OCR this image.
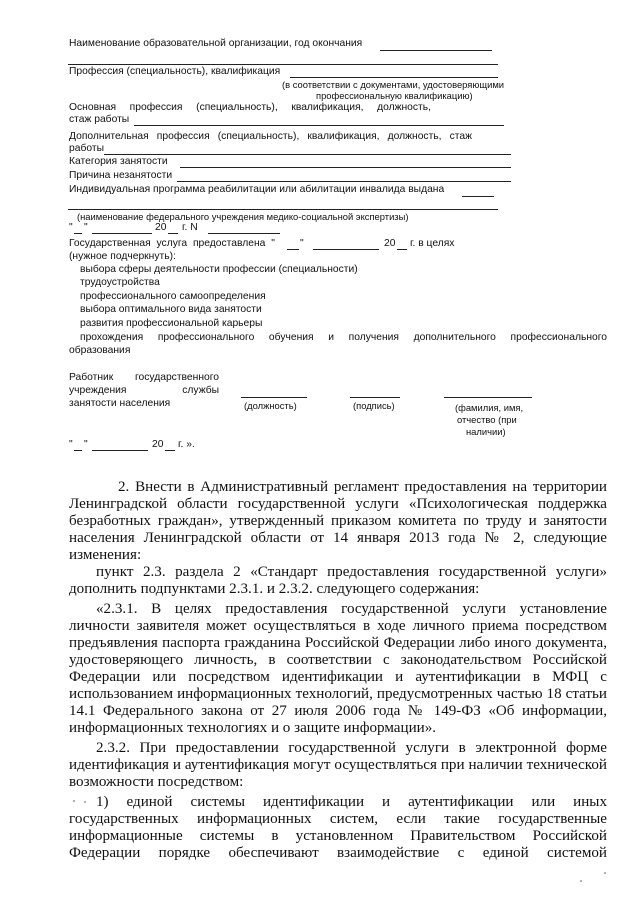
Наименование образовательной организации, год окончания
Профессия (специальность), квалификация
(в соответствии с документами, удостоверяющими
профессиональную квалификацию)
Основная профессия (специальность), квалификация, должность,
стаж работы
Дополнительная профессия (специальность), квалификация, должность, стаж
работы
Категория занятости
Причина незанятости
Индивидуальная программа реабилитации или абилитации инвалида выдана
(наименование федерального учреждения медико-социальной экспертизы)
" "	20 г. N
Государственная услуга предоставлена " "	20 г. в целях
(нужное подчеркнуть):
выбора сферы деятельности профессии (специальности)
трудоустройства
профессионального самоопределения
выбора оптимального вида занятости
развития профессиональной карьеры
прохождения профессионального обучения и получения дополнительного профессионального
образования
Работник государственного
учреждения службы
занятости населения	(должность)	(подпись)	(фамилия, имя,
отчество (при
наличии)
" "	20 г. ».
2. Внести в Административный регламент предоставления на территории
Ленинградской области государственной услуги «Психологическая поддержка
безработных граждан», утвержденный приказом комитета по труду и занятости
населения Ленинградской области от 14 января 2013 года № 2, следующие
изменения:
пункт 2.3. раздела 2 «Стандарт предоставления государственной услуги»
дополнить подпунктами 2.3.1. и 2.3.2. следующего содержания:
«2.3.1. В целях предоставления государственной услуги установление
личности заявителя может осуществляться в ходе личного приема посредством
предъявления паспорта гражданина Российской Федерации либо иного документа,
удостоверяющего личность, в соответствии с законодательством Российской
Федерации или посредством идентификации и аутентификации в МФЦ с
использованием информационных технологий, предусмотренных частью 18 статьи
14.1 Федерального закона от 27 июля 2006 года № 149-ФЗ «Об информации,
информационных технологиях и о защите информации».
2.3.2. При предоставлении государственной услуги в электронной форме
идентификация и аутентификация могут осуществляться при наличии технической
возможности посредством:
1) единой системы идентификации и аутентификации или иных
государственных информационных систем, если такие государственные
информационные системы в установленном Правительством Российской
Федерации порядке обеспечивают взаимодействие с единой системой
